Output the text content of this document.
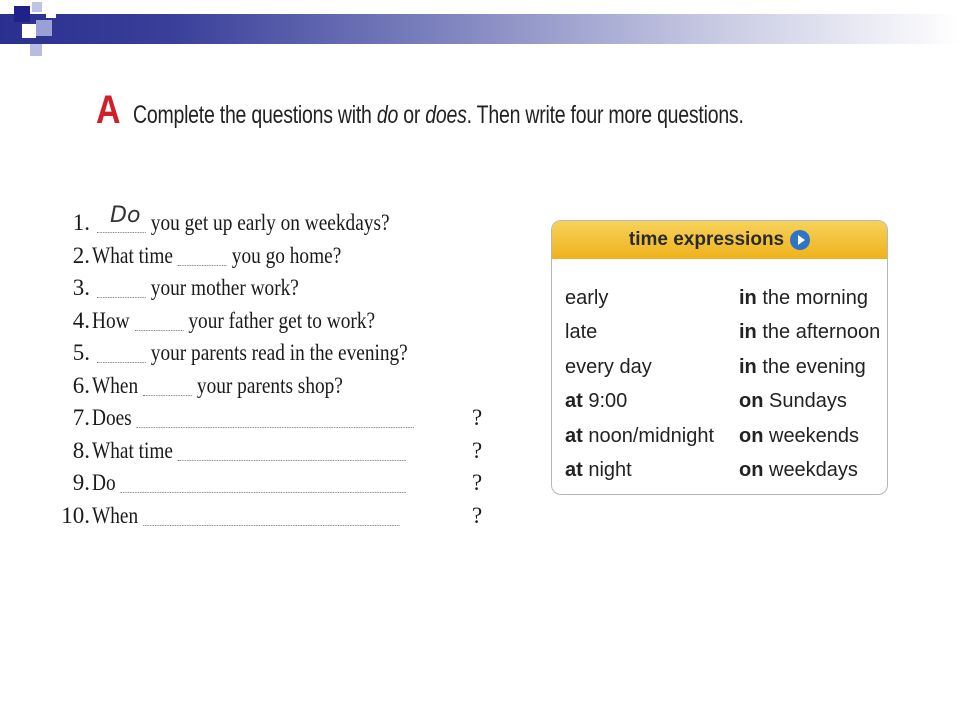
A Complete the questions with do or does. Then write four more questions.
1.	you get up early on weekdays?
Do
2. What time	you go home?
3.	your mother work?
4. How	your father get to work?
5.	your parents read in the evening?
6. When	your parents shop?
7. Does	?
8. What time	?
9. Do	?
10. When	?
time expressions
early	in the morning
late	in the afternoon
every day	in the evening
at 9:00	on Sundays
at noon/midnight	on weekends
at night	on weekdays
